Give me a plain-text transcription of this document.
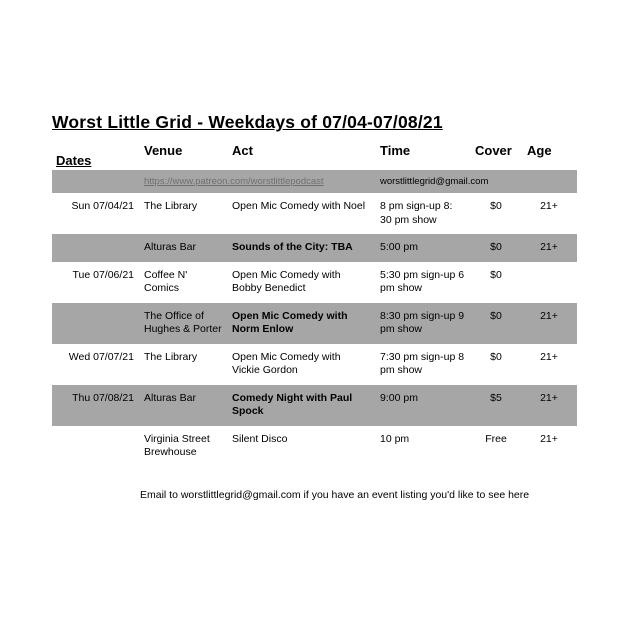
Worst Little Grid - Weekdays of 07/04-07/08/21
Dates	Venue	Act	Time	Cover	Age
	https://www.patreon.com/worstlittlepodcast		worstlittlegrid@gmail.com		
Sun 07/04/21	The Library	Open Mic Comedy with Noel	8 pm sign-up 8: 30 pm show	$0	21+
	Alturas Bar	Sounds of the City: TBA	5:00 pm	$0	21+
Tue 07/06/21	Coffee N' Comics	Open Mic Comedy with Bobby Benedict	5:30 pm sign-up 6 pm show	$0	
	The Office of Hughes & Porter	Open Mic Comedy with Norm Enlow	8:30 pm sign-up 9 pm show	$0	21+
Wed 07/07/21	The Library	Open Mic Comedy with Vickie Gordon	7:30 pm sign-up 8 pm show	$0	21+
Thu 07/08/21	Alturas Bar	Comedy Night with Paul Spock	9:00 pm	$5	21+
	Virginia Street Brewhouse	Silent Disco	10 pm	Free	21+
Email to worstlittlegrid@gmail.com if you have an event listing you'd like to see here
